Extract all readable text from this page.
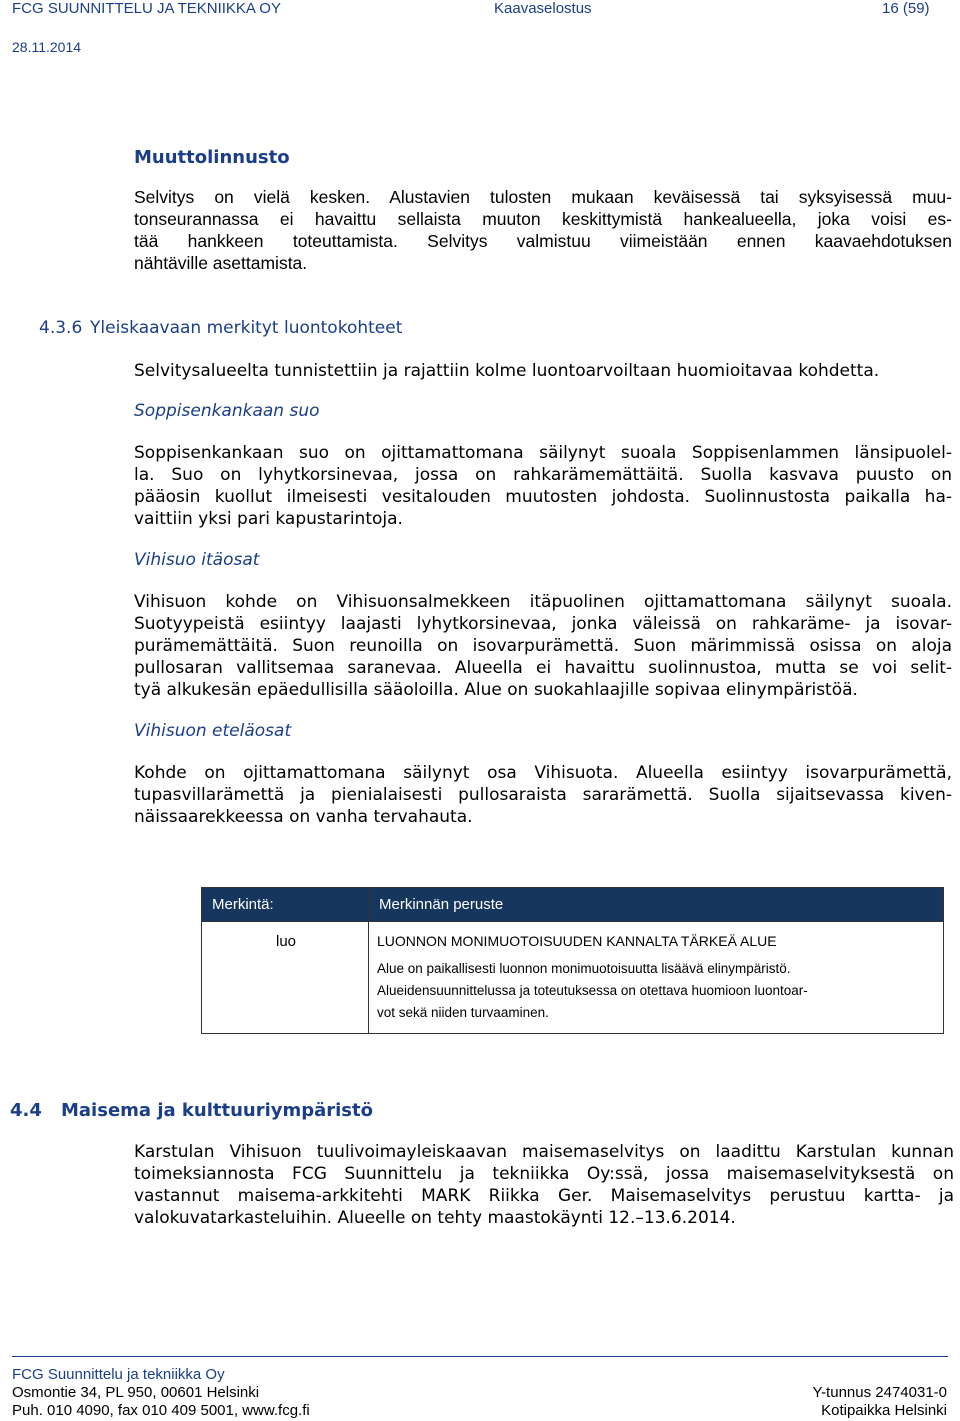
FCG SUUNNITTELU JA TEKNIIKKA OY	Kaavaselostus	16 (59)
28.11.2014
Muuttolinnusto
Selvitys on vielä kesken. Alustavien tulosten mukaan keväisessä tai syksyisessä muu-
tonseurannassa ei havaittu sellaista muuton keskittymistä hankealueella, joka voisi es-
tää hankkeen toteuttamista. Selvitys valmistuu viimeistään ennen kaavaehdotuksen
nähtäville asettamista.
4.3.6 Yleiskaavaan merkityt luontokohteet
Selvitysalueelta tunnistettiin ja rajattiin kolme luontoarvoiltaan huomioitavaa kohdetta.
Soppisenkankaan suo
Soppisenkankaan suo on ojittamattomana säilynyt suoala Soppisenlammen länsipuolel-
la. Suo on lyhytkorsinevaa, jossa on rahkarämemättäitä. Suolla kasvava puusto on
pääosin kuollut ilmeisesti vesitalouden muutosten johdosta. Suolinnustosta paikalla ha-
vaittiin yksi pari kapustarintoja.
Vihisuo itäosat
Vihisuon kohde on Vihisuonsalmekkeen itäpuolinen ojittamattomana säilynyt suoala.
Suotyypeistä esiintyy laajasti lyhytkorsinevaa, jonka väleissä on rahkaräme- ja isovar-
purämemättäitä. Suon reunoilla on isovarpurämettä. Suon märimmissä osissa on aloja
pullosaran vallitsemaa saranevaa. Alueella ei havaittu suolinnustoa, mutta se voi selit-
tyä alkukesän epäedullisilla sääoloilla. Alue on suokahlaajille sopivaa elinympäristöä.
Vihisuon eteläosat
Kohde on ojittamattomana säilynyt osa Vihisuota. Alueella esiintyy isovarpurämettä,
tupasvillarämettä ja pienialaisesti pullosaraista sararämettä. Suolla sijaitsevassa kiven-
näissaarekkeessa on vanha tervahauta.
Merkintä:	Merkinnän peruste
luo	LUONNON MONIMUOTOISUUDEN KANNALTA TÄRKEÄ ALUE
Alue on paikallisesti luonnon monimuotoisuutta lisäävä elinympäristö.
Alueidensuunnittelussa ja toteutuksessa on otettava huomioon luontoar-
vot sekä niiden turvaaminen.
4.4 Maisema ja kulttuuriympäristö
Karstulan Vihisuon tuulivoimayleiskaavan maisemaselvitys on laadittu Karstulan kunnan
toimeksiannosta FCG Suunnittelu ja tekniikka Oy:ssä, jossa maisemaselvityksestä on
vastannut maisema-arkkitehti MARK Riikka Ger. Maisemaselvitys perustuu kartta- ja
valokuvatarkasteluihin. Alueelle on tehty maastokäynti 12.–13.6.2014.
FCG Suunnittelu ja tekniikka Oy
Osmontie 34, PL 950, 00601 Helsinki
Puh. 010 4090, fax 010 409 5001, www.fcg.fi
Y-tunnus 2474031-0
Kotipaikka Helsinki
